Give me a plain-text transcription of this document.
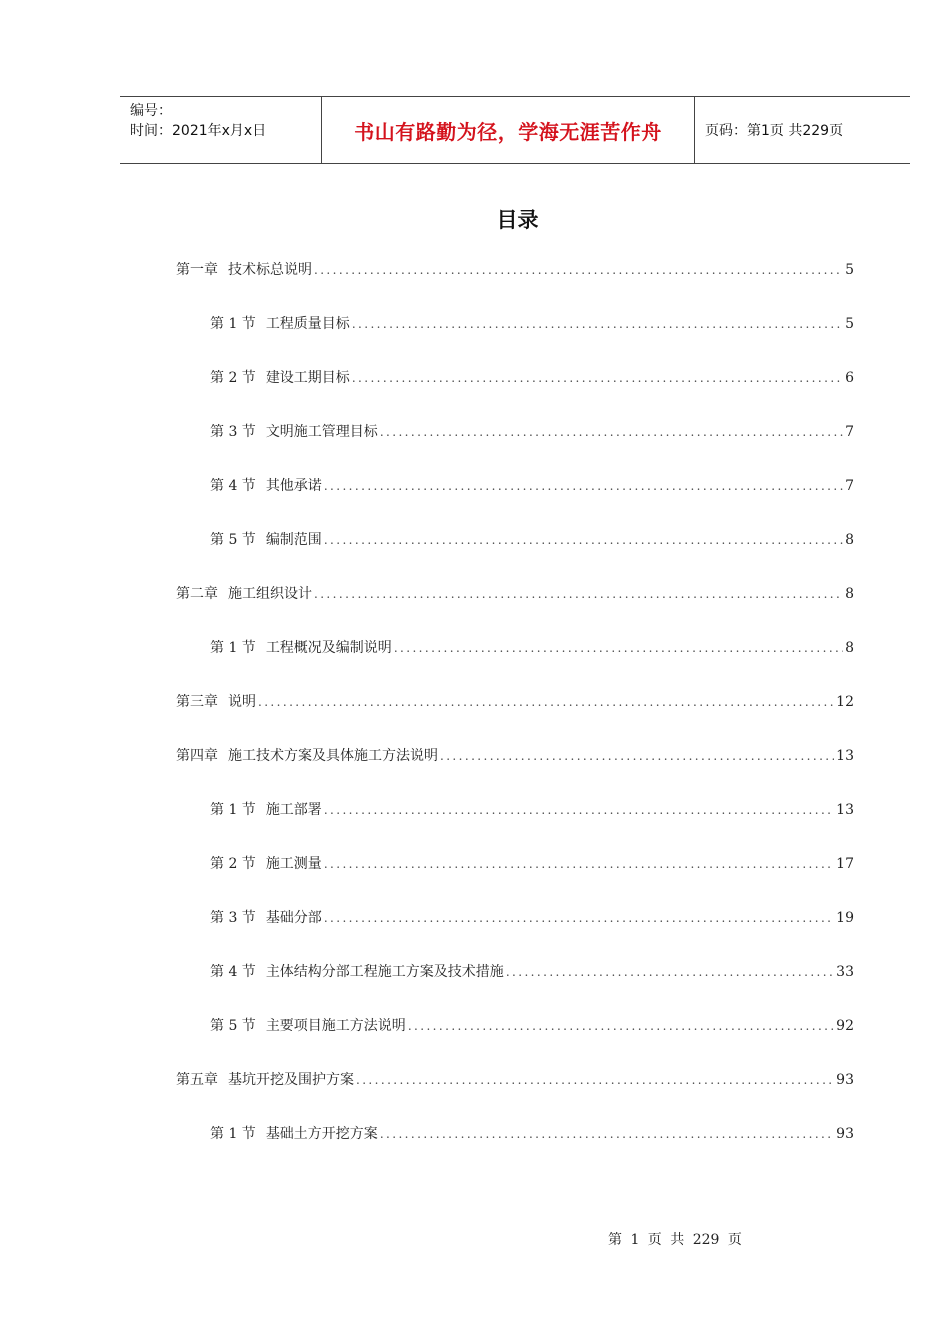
编号：
时间：2021年x月x日	书山有路勤为径，学海无涯苦作舟	页码：第1页 共229页
目录
第一章 技术标总说明 .....	5
第 1 节 工程质量目标 .....	5
第 2 节 建设工期目标 .....	6
第 3 节 文明施工管理目标 .....	7
第 4 节 其他承诺 .....	7
第 5 节 编制范围 .....	8
第二章 施工组织设计 .....	8
第 1 节 工程概况及编制说明 .....	8
第三章 说明 .....	12
第四章 施工技术方案及具体施工方法说明 .....	13
第 1 节 施工部署 .....	13
第 2 节 施工测量 .....	17
第 3 节 基础分部 .....	19
第 4 节 主体结构分部工程施工方案及技术措施 .....	33
第 5 节 主要项目施工方法说明 .....	92
第五章 基坑开挖及围护方案 .....	93
第 1 节 基础土方开挖方案 .....	93
第 1 页 共 229 页
